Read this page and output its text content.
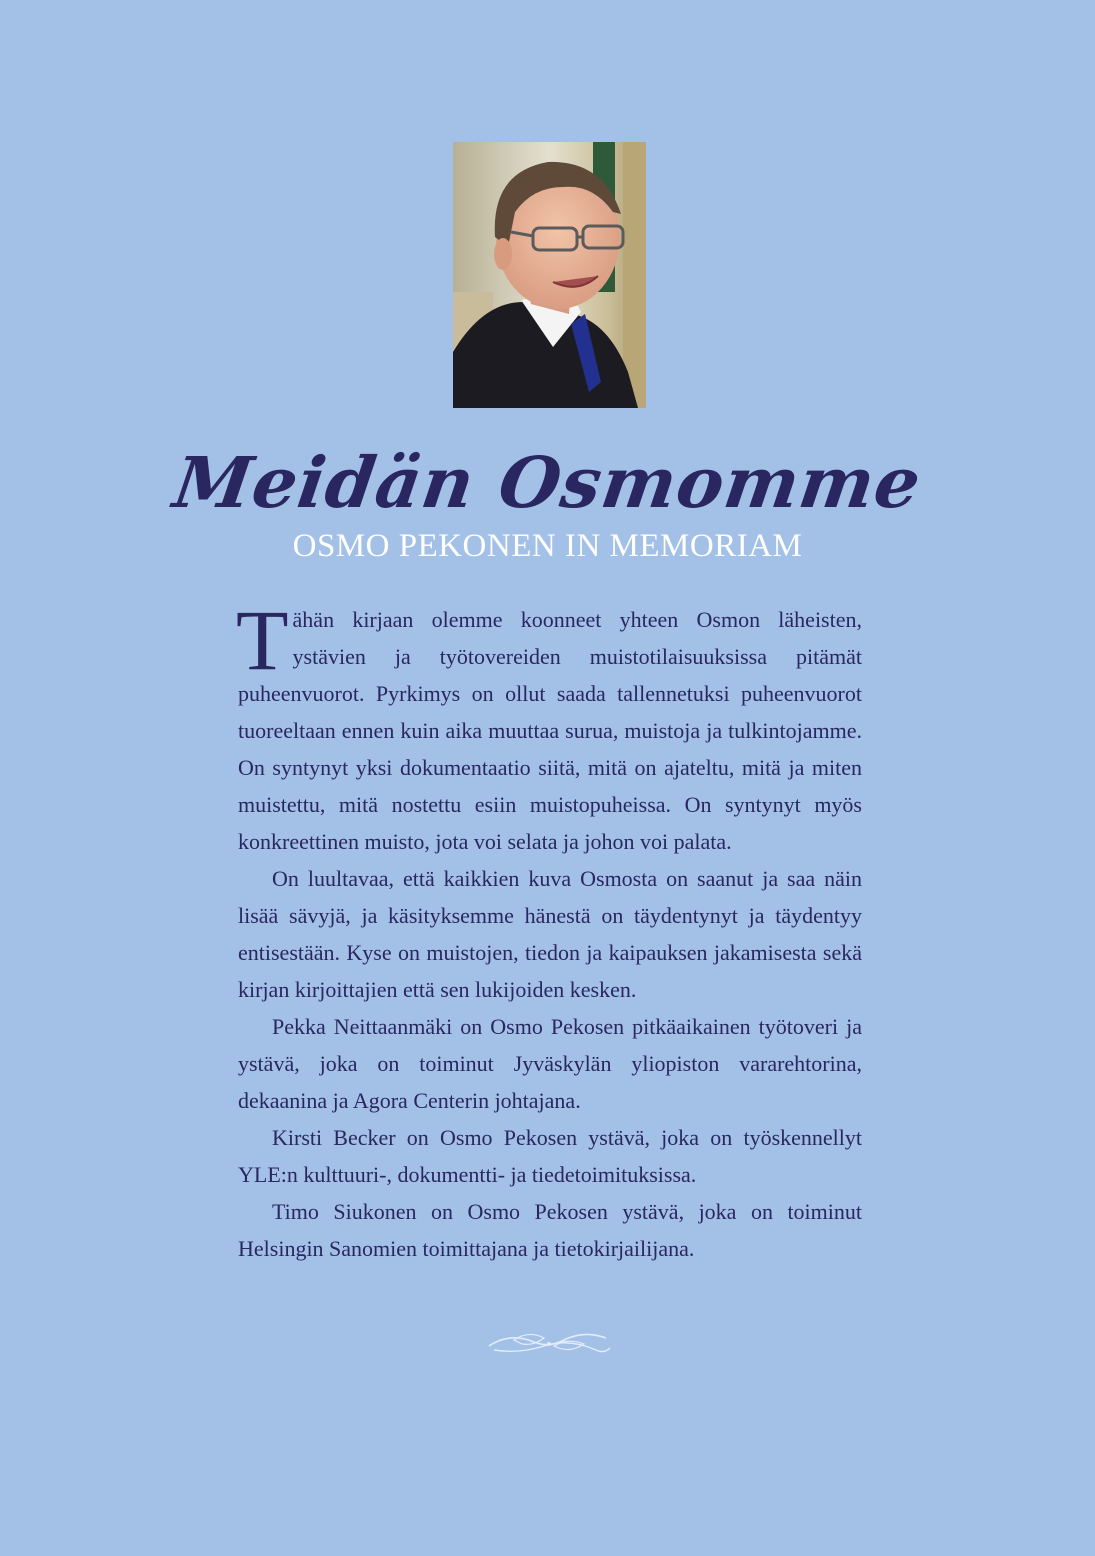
Meidän Osmomme
OSMO PEKONEN IN MEMORIAM

Tähän kirjaan olemme koonneet yhteen Osmon läheisten, ystävien ja työtovereiden muistotilaisuuksissa pitämät puheenvuorot. Pyrkimys on ollut saada tallennetuksi puheenvuorot tuoreeltaan ennen kuin aika muuttaa surua, muistoja ja tulkintojamme. On syntynyt yksi dokumentaatio siitä, mitä on ajateltu, mitä ja miten muistettu, mitä nostettu esiin muistopuheissa. On syntynyt myös konkreettinen muisto, jota voi selata ja johon voi palata.

On luultavaa, että kaikkien kuva Osmosta on saanut ja saa näin lisää sävyjä, ja käsityksemme hänestä on täydentynyt ja täydentyy entisestään. Kyse on muistojen, tiedon ja kaipauksen jakamisesta sekä kirjan kirjoittajien että sen lukijoiden kesken.

Pekka Neittaanmäki on Osmo Pekosen pitkäaikainen työtoveri ja ystävä, joka on toiminut Jyväskylän yliopiston vararehtorina, dekaanina ja Agora Centerin johtajana.

Kirsti Becker on Osmo Pekosen ystävä, joka on työskennellyt YLE:n kulttuuri-, dokumentti- ja tiedetoimituksissa.

Timo Siukonen on Osmo Pekosen ystävä, joka on toiminut Helsingin Sanomien toimittajana ja tietokirjailijana.
